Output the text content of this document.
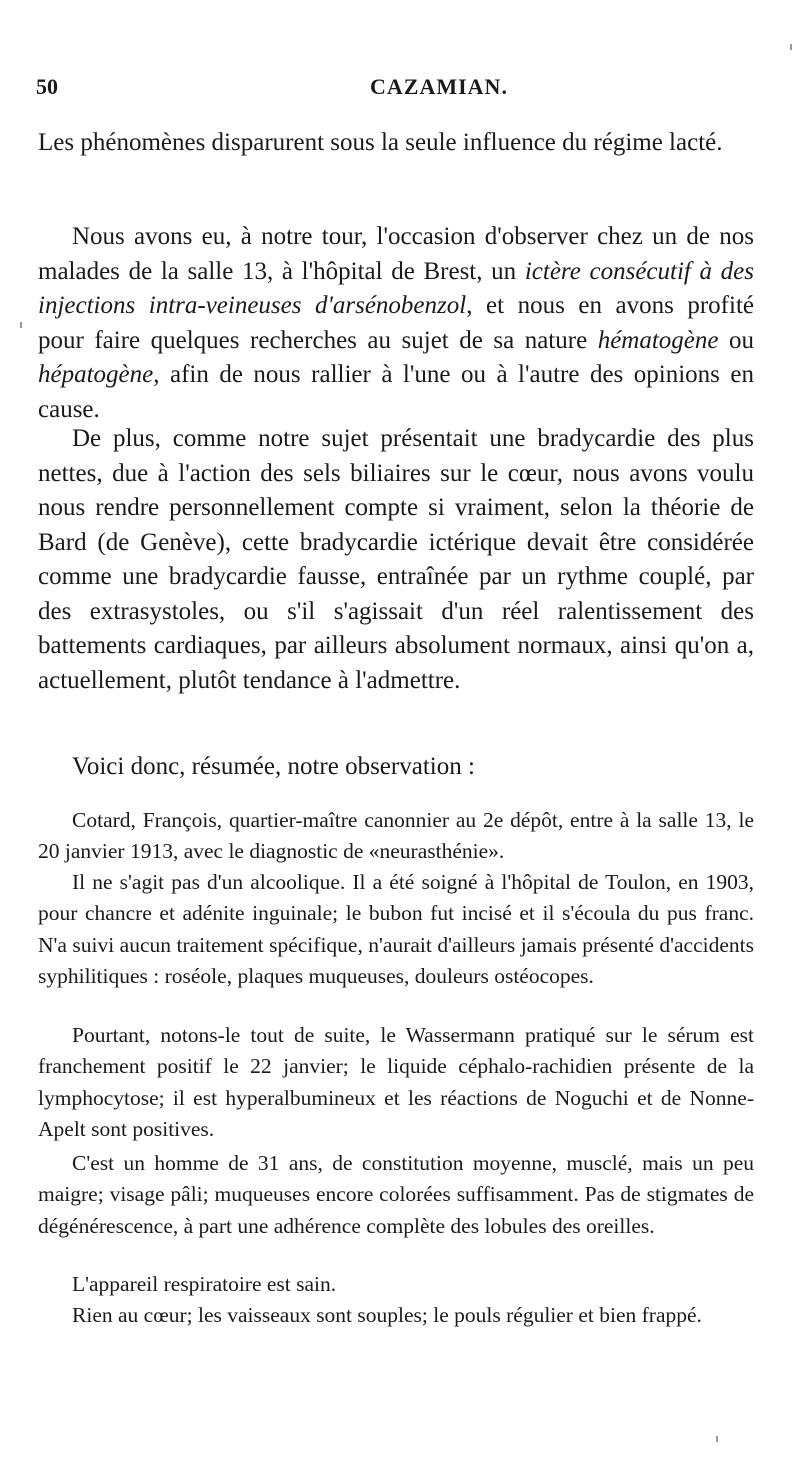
50	CAZAMIAN.

Les phénomènes disparurent sous la seule influence du régime lacté.

Nous avons eu, à notre tour, l'occasion d'observer chez un de nos malades de la salle 13, à l'hôpital de Brest, un ictère consécutif à des injections intra-veineuses d'arsénobenzol, et nous en avons profité pour faire quelques recherches au sujet de sa nature hématogène ou hépatogène, afin de nous rallier à l'une ou à l'autre des opinions en cause.

De plus, comme notre sujet présentait une bradycardie des plus nettes, due à l'action des sels biliaires sur le cœur, nous avons voulu nous rendre personnellement compte si vraiment, selon la théorie de Bard (de Genève), cette bradycardie ictérique devait être considérée comme une bradycardie fausse, entraînée par un rythme couplé, par des extrasystoles, ou s'il s'agissait d'un réel ralentissement des battements cardiaques, par ailleurs absolument normaux, ainsi qu'on a, actuellement, plutôt tendance à l'admettre.

Voici donc, résumée, notre observation :

Cotard, François, quartier-maître canonnier au 2e dépôt, entre à la salle 13, le 20 janvier 1913, avec le diagnostic de «neurasthénie».

Il ne s'agit pas d'un alcoolique. Il a été soigné à l'hôpital de Toulon, en 1903, pour chancre et adénite inguinale; le bubon fut incisé et il s'écoula du pus franc. N'a suivi aucun traitement spécifique, n'aurait d'ailleurs jamais présenté d'accidents syphilitiques : roséole, plaques muqueuses, douleurs ostéocopes.

Pourtant, notons-le tout de suite, le Wassermann pratiqué sur le sérum est franchement positif le 22 janvier; le liquide céphalo-rachidien présente de la lymphocytose; il est hyperalbumineux et les réactions de Noguchi et de Nonne-Apelt sont positives.

C'est un homme de 31 ans, de constitution moyenne, musclé, mais un peu maigre; visage pâli; muqueuses encore colorées suffisamment. Pas de stigmates de dégénérescence, à part une adhérence complète des lobules des oreilles.

L'appareil respiratoire est sain.

Rien au cœur; les vaisseaux sont souples; le pouls régulier et bien frappé.
